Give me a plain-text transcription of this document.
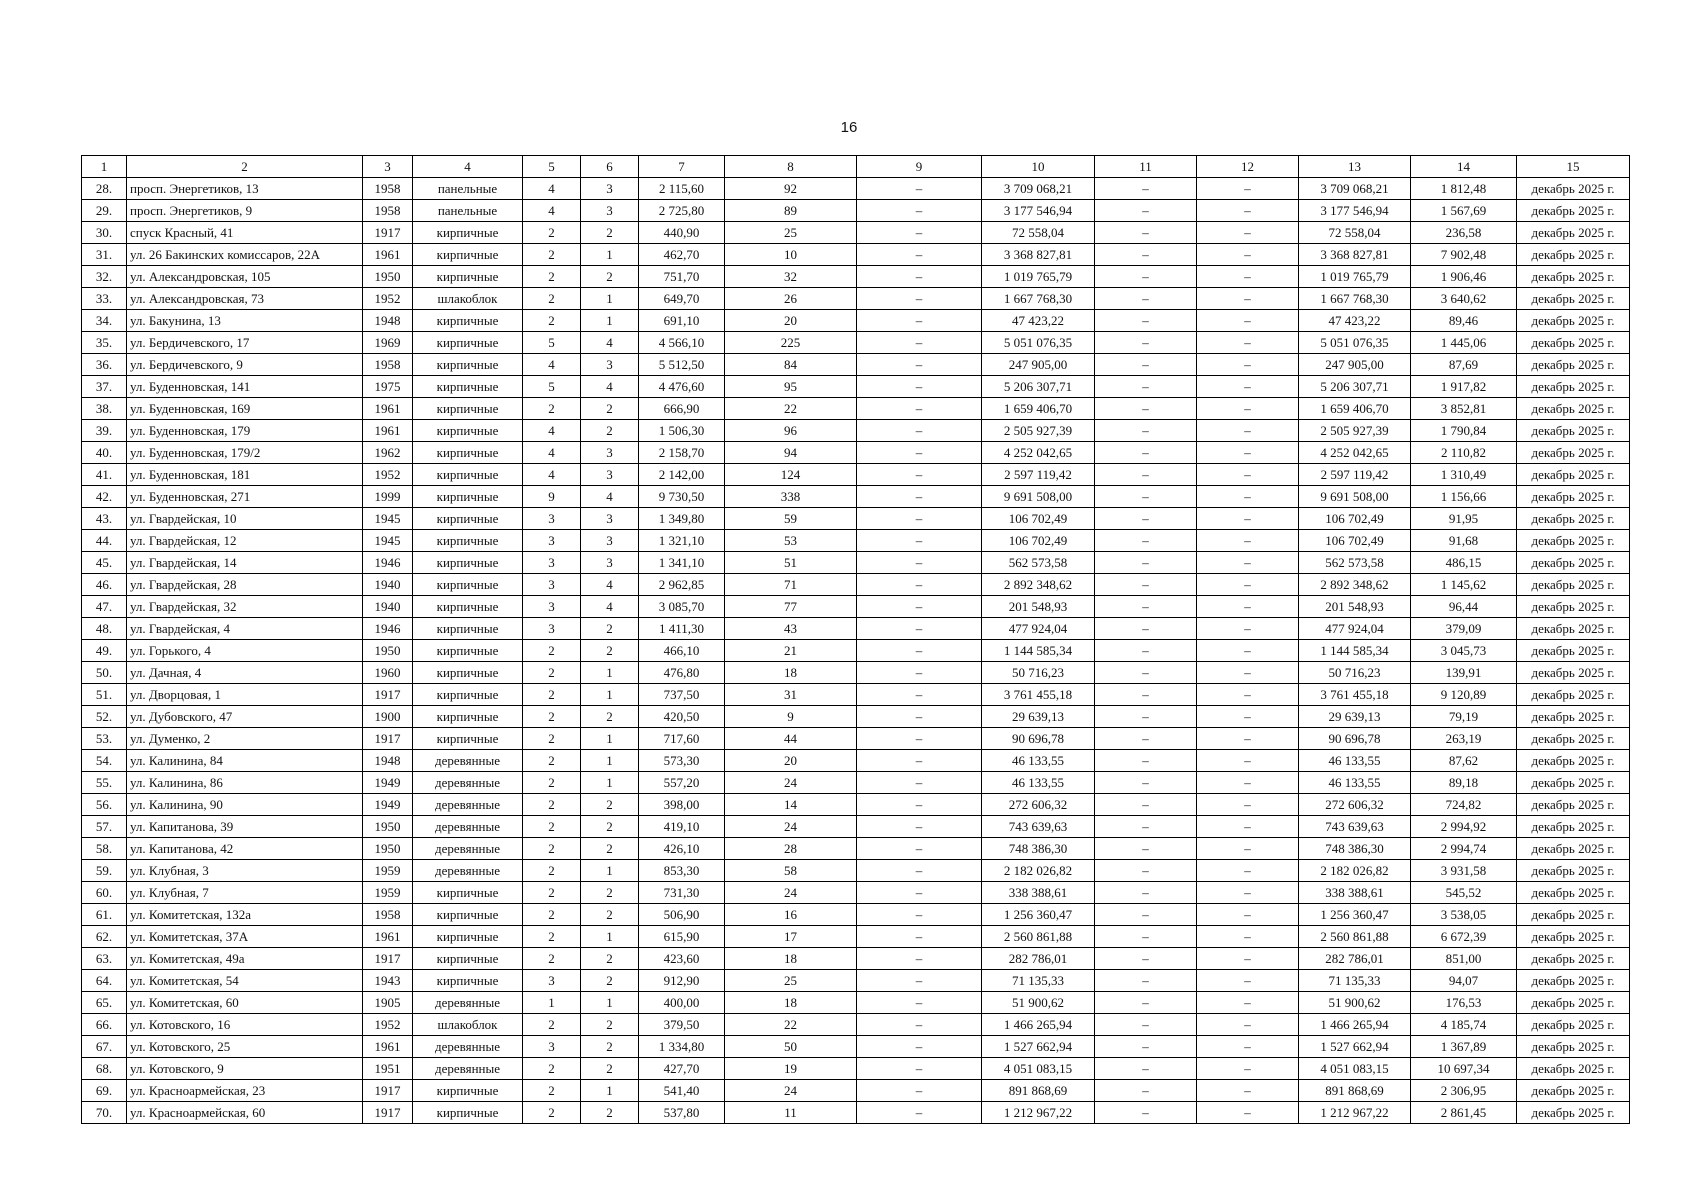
16
1	2	3	4	5	6	7	8	9	10	11	12	13	14	15
28.	просп. Энергетиков, 13	1958	панельные	4	3	2 115,60	92	–	3 709 068,21	–	–	3 709 068,21	1 812,48	декабрь 2025 г.
29.	просп. Энергетиков, 9	1958	панельные	4	3	2 725,80	89	–	3 177 546,94	–	–	3 177 546,94	1 567,69	декабрь 2025 г.
30.	спуск Красный, 41	1917	кирпичные	2	2	440,90	25	–	72 558,04	–	–	72 558,04	236,58	декабрь 2025 г.
31.	ул. 26 Бакинских комиссаров, 22А	1961	кирпичные	2	1	462,70	10	–	3 368 827,81	–	–	3 368 827,81	7 902,48	декабрь 2025 г.
32.	ул. Александровская, 105	1950	кирпичные	2	2	751,70	32	–	1 019 765,79	–	–	1 019 765,79	1 906,46	декабрь 2025 г.
33.	ул. Александровская, 73	1952	шлакоблок	2	1	649,70	26	–	1 667 768,30	–	–	1 667 768,30	3 640,62	декабрь 2025 г.
34.	ул. Бакунина, 13	1948	кирпичные	2	1	691,10	20	–	47 423,22	–	–	47 423,22	89,46	декабрь 2025 г.
35.	ул. Бердичевского, 17	1969	кирпичные	5	4	4 566,10	225	–	5 051 076,35	–	–	5 051 076,35	1 445,06	декабрь 2025 г.
36.	ул. Бердичевского, 9	1958	кирпичные	4	3	5 512,50	84	–	247 905,00	–	–	247 905,00	87,69	декабрь 2025 г.
37.	ул. Буденновская, 141	1975	кирпичные	5	4	4 476,60	95	–	5 206 307,71	–	–	5 206 307,71	1 917,82	декабрь 2025 г.
38.	ул. Буденновская, 169	1961	кирпичные	2	2	666,90	22	–	1 659 406,70	–	–	1 659 406,70	3 852,81	декабрь 2025 г.
39.	ул. Буденновская, 179	1961	кирпичные	4	2	1 506,30	96	–	2 505 927,39	–	–	2 505 927,39	1 790,84	декабрь 2025 г.
40.	ул. Буденновская, 179/2	1962	кирпичные	4	3	2 158,70	94	–	4 252 042,65	–	–	4 252 042,65	2 110,82	декабрь 2025 г.
41.	ул. Буденновская, 181	1952	кирпичные	4	3	2 142,00	124	–	2 597 119,42	–	–	2 597 119,42	1 310,49	декабрь 2025 г.
42.	ул. Буденновская, 271	1999	кирпичные	9	4	9 730,50	338	–	9 691 508,00	–	–	9 691 508,00	1 156,66	декабрь 2025 г.
43.	ул. Гвардейская, 10	1945	кирпичные	3	3	1 349,80	59	–	106 702,49	–	–	106 702,49	91,95	декабрь 2025 г.
44.	ул. Гвардейская, 12	1945	кирпичные	3	3	1 321,10	53	–	106 702,49	–	–	106 702,49	91,68	декабрь 2025 г.
45.	ул. Гвардейская, 14	1946	кирпичные	3	3	1 341,10	51	–	562 573,58	–	–	562 573,58	486,15	декабрь 2025 г.
46.	ул. Гвардейская, 28	1940	кирпичные	3	4	2 962,85	71	–	2 892 348,62	–	–	2 892 348,62	1 145,62	декабрь 2025 г.
47.	ул. Гвардейская, 32	1940	кирпичные	3	4	3 085,70	77	–	201 548,93	–	–	201 548,93	96,44	декабрь 2025 г.
48.	ул. Гвардейская, 4	1946	кирпичные	3	2	1 411,30	43	–	477 924,04	–	–	477 924,04	379,09	декабрь 2025 г.
49.	ул. Горького, 4	1950	кирпичные	2	2	466,10	21	–	1 144 585,34	–	–	1 144 585,34	3 045,73	декабрь 2025 г.
50.	ул. Дачная, 4	1960	кирпичные	2	1	476,80	18	–	50 716,23	–	–	50 716,23	139,91	декабрь 2025 г.
51.	ул. Дворцовая, 1	1917	кирпичные	2	1	737,50	31	–	3 761 455,18	–	–	3 761 455,18	9 120,89	декабрь 2025 г.
52.	ул. Дубовского, 47	1900	кирпичные	2	2	420,50	9	–	29 639,13	–	–	29 639,13	79,19	декабрь 2025 г.
53.	ул. Думенко, 2	1917	кирпичные	2	1	717,60	44	–	90 696,78	–	–	90 696,78	263,19	декабрь 2025 г.
54.	ул. Калинина, 84	1948	деревянные	2	1	573,30	20	–	46 133,55	–	–	46 133,55	87,62	декабрь 2025 г.
55.	ул. Калинина, 86	1949	деревянные	2	1	557,20	24	–	46 133,55	–	–	46 133,55	89,18	декабрь 2025 г.
56.	ул. Калинина, 90	1949	деревянные	2	2	398,00	14	–	272 606,32	–	–	272 606,32	724,82	декабрь 2025 г.
57.	ул. Капитанова, 39	1950	деревянные	2	2	419,10	24	–	743 639,63	–	–	743 639,63	2 994,92	декабрь 2025 г.
58.	ул. Капитанова, 42	1950	деревянные	2	2	426,10	28	–	748 386,30	–	–	748 386,30	2 994,74	декабрь 2025 г.
59.	ул. Клубная, 3	1959	деревянные	2	1	853,30	58	–	2 182 026,82	–	–	2 182 026,82	3 931,58	декабрь 2025 г.
60.	ул. Клубная, 7	1959	кирпичные	2	2	731,30	24	–	338 388,61	–	–	338 388,61	545,52	декабрь 2025 г.
61.	ул. Комитетская, 132а	1958	кирпичные	2	2	506,90	16	–	1 256 360,47	–	–	1 256 360,47	3 538,05	декабрь 2025 г.
62.	ул. Комитетская, 37А	1961	кирпичные	2	1	615,90	17	–	2 560 861,88	–	–	2 560 861,88	6 672,39	декабрь 2025 г.
63.	ул. Комитетская, 49а	1917	кирпичные	2	2	423,60	18	–	282 786,01	–	–	282 786,01	851,00	декабрь 2025 г.
64.	ул. Комитетская, 54	1943	кирпичные	3	2	912,90	25	–	71 135,33	–	–	71 135,33	94,07	декабрь 2025 г.
65.	ул. Комитетская, 60	1905	деревянные	1	1	400,00	18	–	51 900,62	–	–	51 900,62	176,53	декабрь 2025 г.
66.	ул. Котовского, 16	1952	шлакоблок	2	2	379,50	22	–	1 466 265,94	–	–	1 466 265,94	4 185,74	декабрь 2025 г.
67.	ул. Котовского, 25	1961	деревянные	3	2	1 334,80	50	–	1 527 662,94	–	–	1 527 662,94	1 367,89	декабрь 2025 г.
68.	ул. Котовского, 9	1951	деревянные	2	2	427,70	19	–	4 051 083,15	–	–	4 051 083,15	10 697,34	декабрь 2025 г.
69.	ул. Красноармейская, 23	1917	кирпичные	2	1	541,40	24	–	891 868,69	–	–	891 868,69	2 306,95	декабрь 2025 г.
70.	ул. Красноармейская, 60	1917	кирпичные	2	2	537,80	11	–	1 212 967,22	–	–	1 212 967,22	2 861,45	декабрь 2025 г.
